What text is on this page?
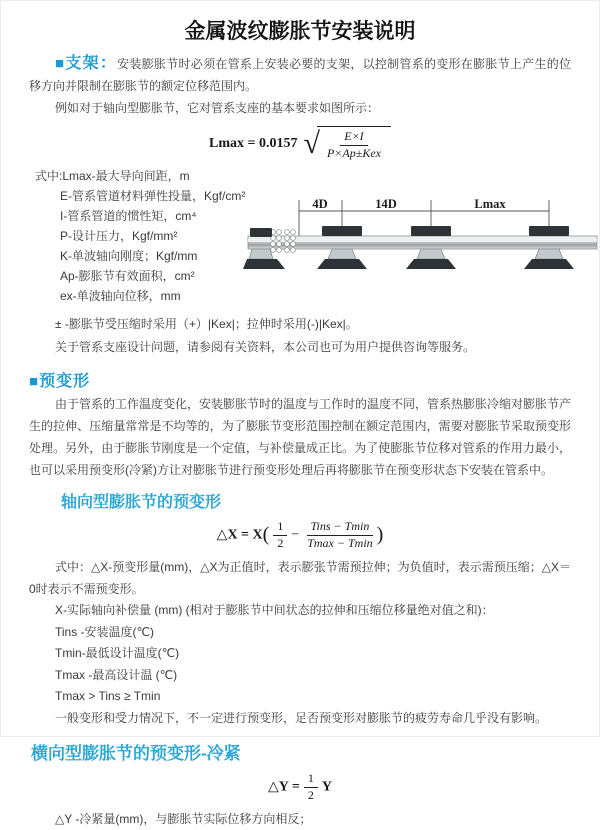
金属波纹膨胀节安装说明

■支架：安装膨胀节时必须在管系上安装必要的支架，以控制管系的变形在膨胀节上产生的位移方向并限制在膨胀节的额定位移范围内。

例如对于轴向型膨胀节，它对管系支座的基本要求如图所示：

Lmax = 0.0157 √ $\frac{E\times I}{\text{P×Ap±Kex}}$
式中:Lmax-最大导向间距，m
E-管系管道材料弹性投量，Kgf/cm²
I-管系管道的惯性矩，cm⁴
P-设计压力，Kgf/mm²
K-单波轴向刚度；Kgf/mm
Ap-膨胀节有效面积，cm²
ex-单波轴向位移，mm
4D	14D	Lmax

± -膨胀节受压缩时采用（+）|Kex|；拉伸时采用(-)|Kex|。

关于管系支座设计问题，请参阅有关资料，本公司也可为用户提供咨询等服务。

■预变形

由于管系的工作温度变化，安装膨胀节时的温度与工作时的温度不同，管系热膨胀冷缩对膨胀节产生的拉伸、压缩量常常是不均等的，为了膨胀节变形范围控制在额定范围内，需要对膨胀节采取预变形处理。另外，由于膨胀节刚度是一个定值，与补偿量成正比。为了使膨胀节位移对管系的作用力最小，也可以采用预变形(冷紧)方让对膨胀节进行预变形处理后再将膨胀节在预变形状态下安装在管系中。

轴向型膨胀节的预变形
△X = $X( \frac{1}{2} - \frac{\text{Tins − Tmin}}{Tmax - Tmin}$ )

式中：△X-预变形量(mm)，△X为正值时，表示膨张节需预拉伸；为负值时，表示需预压缩；△X＝0时表示不需预变形。

X-实际轴向补偿量 (mm) (相对于膨胀节中间状态的拉伸和压缩位移量绝对值之和)：
Tins -安装温度(℃)
Tmin-最低设计温度(℃)
Tmax -最高设计温 (℃)
Tmax > Tins ≥ Tmin
一般变形和受力情况下，不一定进行预变形，足否预变形对膨胀节的疲劳寿命几乎没有影响。
横向型膨胀节的预变形-冷紧
△Y = $\frac{1}{2}$ Y

△Y -冷紧量(mm)，与膨胀节实际位移方向相反；
